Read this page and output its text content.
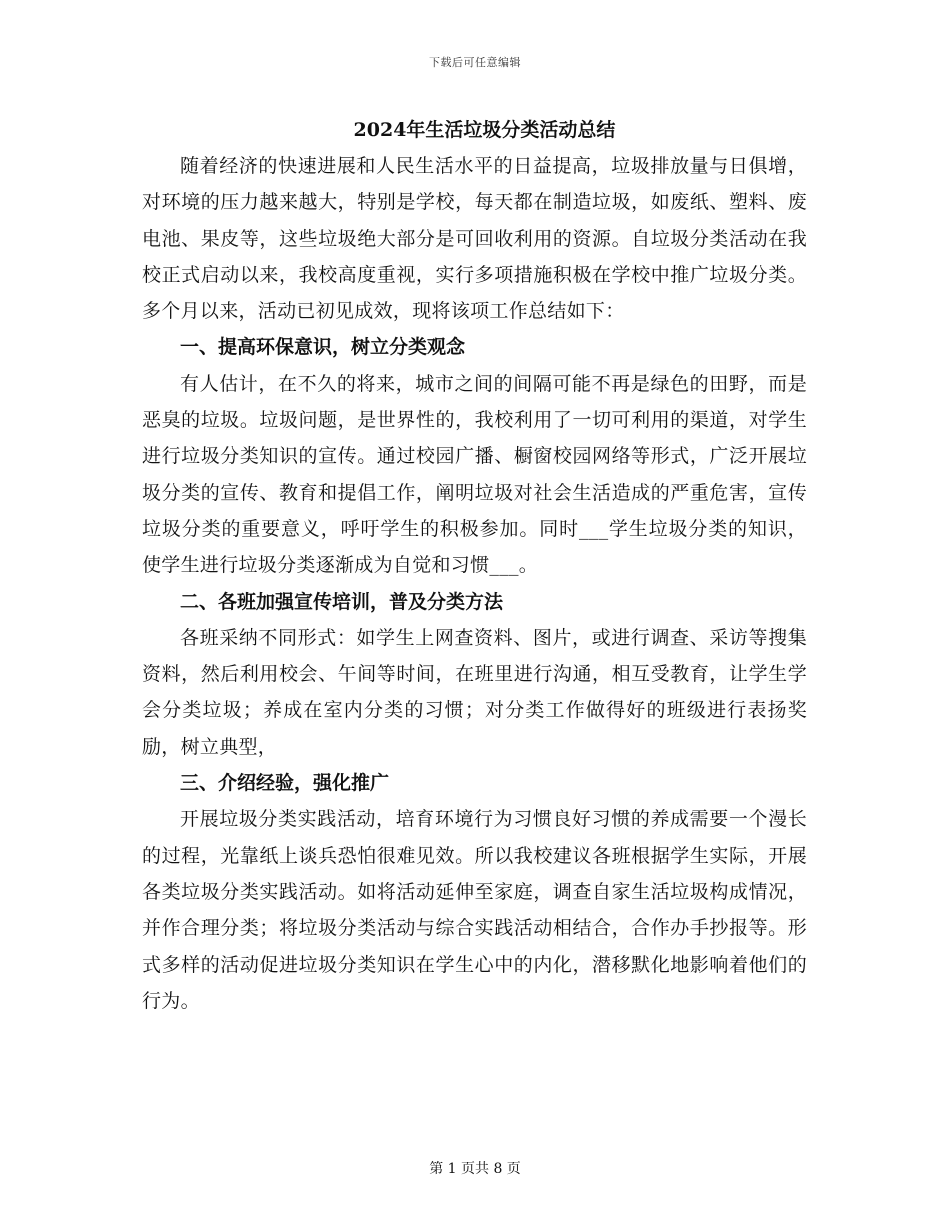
下载后可任意编辑
2024年生活垃圾分类活动总结

随着经济的快速进展和人民生活水平的日益提高，垃圾排放量与日俱增，对环境的压力越来越大，特别是学校，每天都在制造垃圾，如废纸、塑料、废电池、果皮等，这些垃圾绝大部分是可回收利用的资源。自垃圾分类活动在我校正式启动以来，我校高度重视，实行多项措施积极在学校中推广垃圾分类。多个月以来，活动已初见成效，现将该项工作总结如下：

一、提高环保意识，树立分类观念

有人估计，在不久的将来，城市之间的间隔可能不再是绿色的田野，而是恶臭的垃圾。垃圾问题，是世界性的，我校利用了一切可利用的渠道，对学生进行垃圾分类知识的宣传。通过校园广播、橱窗校园网络等形式，广泛开展垃圾分类的宣传、教育和提倡工作，阐明垃圾对社会生活造成的严重危害，宣传垃圾分类的重要意义，呼吁学生的积极参加。同时___学生垃圾分类的知识，使学生进行垃圾分类逐渐成为自觉和习惯___。

二、各班加强宣传培训，普及分类方法

各班采纳不同形式：如学生上网查资料、图片，或进行调查、采访等搜集资料，然后利用校会、午间等时间，在班里进行沟通，相互受教育，让学生学会分类垃圾；养成在室内分类的习惯；对分类工作做得好的班级进行表扬奖励，树立典型，

三、介绍经验，强化推广

开展垃圾分类实践活动，培育环境行为习惯良好习惯的养成需要一个漫长的过程，光靠纸上谈兵恐怕很难见效。所以我校建议各班根据学生实际，开展各类垃圾分类实践活动。如将活动延伸至家庭，调查自家生活垃圾构成情况，并作合理分类；将垃圾分类活动与综合实践活动相结合，合作办手抄报等。形式多样的活动促进垃圾分类知识在学生心中的内化，潜移默化地影响着他们的行为。

第 1 页共 8 页
